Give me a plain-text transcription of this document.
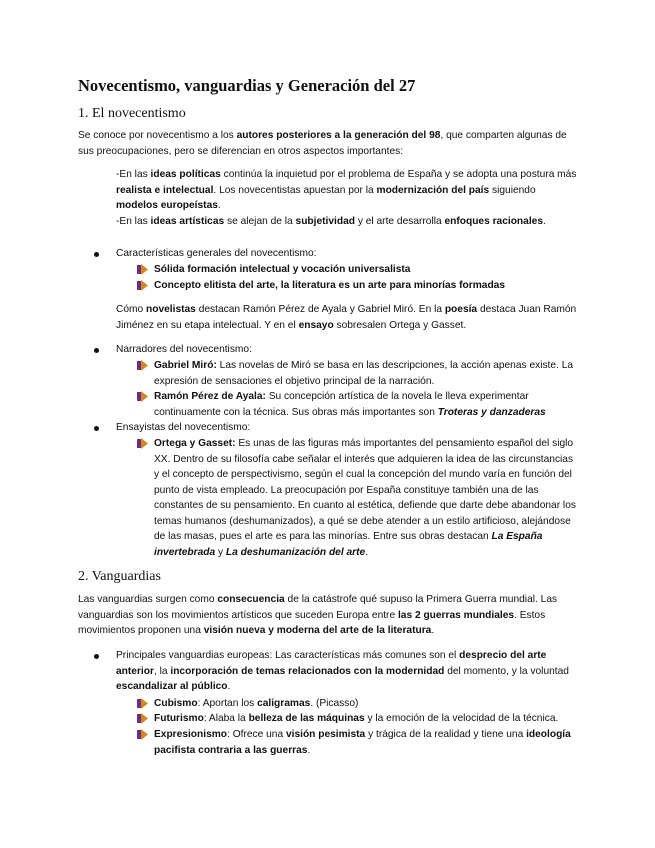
Novecentismo, vanguardias y Generación del 27
1. El novecentismo

Se conoce por novecentismo a los autores posteriores a la generación del 98, que comparten algunas de sus preocupaciones, pero se diferencian en otros aspectos importantes:

-En las ideas políticas continúa la inquietud por el problema de España y se adopta una postura más realista e intelectual. Los novecentistas apuestan por la modernización del país siguiendo modelos europeístas.

-En las ideas artísticas se alejan de la subjetividad y el arte desarrolla enfoques racionales.

Características generales del novecentismo:

Sólida formación intelectual y vocación universalista
Concepto elitista del arte, la literatura es un arte para minorías formadas

Cómo novelistas destacan Ramón Pérez de Ayala y Gabriel Miró. En la poesía destaca Juan Ramón Jiménez en su etapa intelectual. Y en el ensayo sobresalen Ortega y Gasset.

Narradores del novecentismo:

Gabriel Miró: Las novelas de Miró se basa en las descripciones, la acción apenas existe. La expresión de sensaciones el objetivo principal de la narración.
Ramón Pérez de Ayala: Su concepción artística de la novela le lleva experimentar continuamente con la técnica. Sus obras más importantes son Troteras y danzaderas

Ensayistas del novecentismo:

Ortega y Gasset: Es unas de las figuras más importantes del pensamiento español del siglo XX. Dentro de su filosofía cabe señalar el interés que adquieren la idea de las circunstancias y el concepto de perspectivismo, según el cual la concepción del mundo varía en función del punto de vista empleado. La preocupación por España constituye también una de las constantes de su pensamiento. En cuanto al estética, defiende que darte debe abandonar los temas humanos (deshumanizados), a qué se debe atender a un estilo artificioso, alejándose de las masas, pues el arte es para las minorías. Entre sus obras destacan La España invertebrada y La deshumanización del arte.
2. Vanguardias

Las vanguardias surgen como consecuencia de la catástrofe qué supuso la Primera Guerra mundial. Las vanguardias son los movimientos artísticos que suceden Europa entre las 2 guerras mundiales. Estos movimientos proponen una visión nueva y moderna del arte de la literatura.

Principales vanguardias europeas: Las características más comunes son el desprecio del arte anterior, la incorporación de temas relacionados con la modernidad del momento, y la voluntad escandalizar al público.

Cubismo: Aportan los caligramas. (Picasso)
Futurismo: Alaba la belleza de las máquinas y la emoción de la velocidad de la técnica.
Expresionismo: Ofrece una visión pesimista y trágica de la realidad y tiene una ideología pacifista contraria a las guerras.
